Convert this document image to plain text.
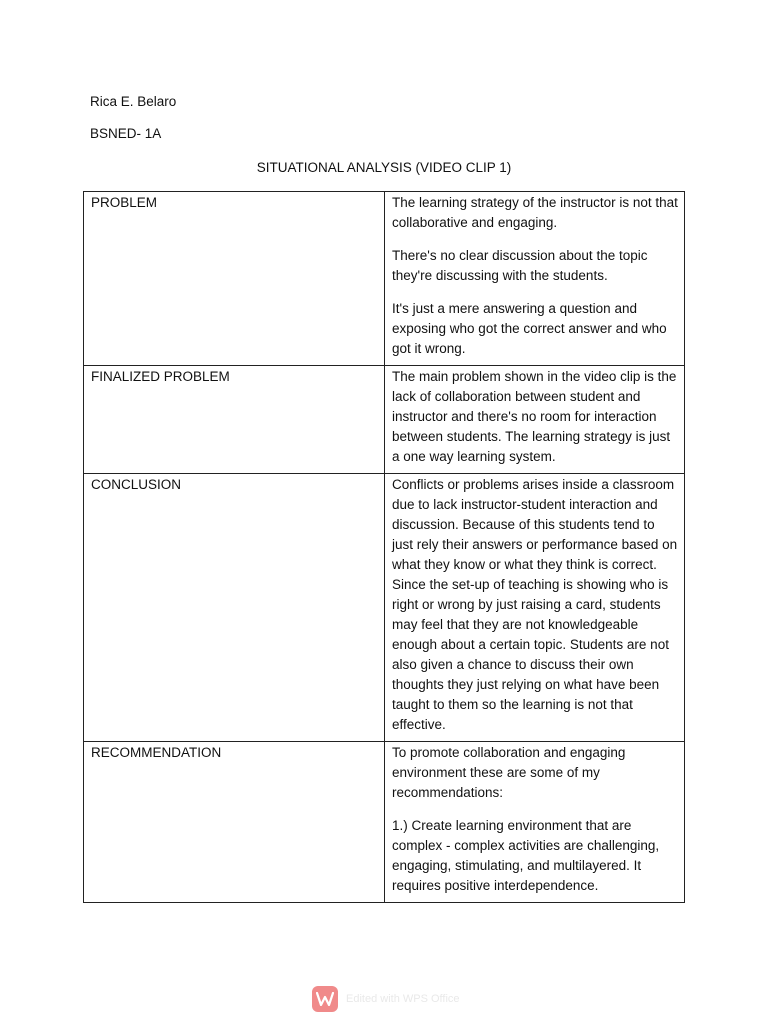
Rica E. Belaro
BSNED- 1A
SITUATIONAL ANALYSIS (VIDEO CLIP 1)
PROBLEM	The learning strategy of the instructor is not that collaborative and engaging.

There's no clear discussion about the topic they're discussing with the students.

It's just a mere answering a question and exposing who got the correct answer and who got it wrong.

FINALIZED PROBLEM	The main problem shown in the video clip is the lack of collaboration between student and instructor and there's no room for interaction between students. The learning strategy is just a one way learning system.

CONCLUSION	Conflicts or problems arises inside a classroom due to lack instructor-student interaction and discussion. Because of this students tend to just rely their answers or performance based on what they know or what they think is correct. Since the set-up of teaching is showing who is right or wrong by just raising a card, students may feel that they are not knowledgeable enough about a certain topic. Students are not also given a chance to discuss their own thoughts they just relying on what have been taught to them so the learning is not that effective.

RECOMMENDATION	To promote collaboration and engaging environment these are some of my recommendations:

1.) Create learning environment that are complex - complex activities are challenging, engaging, stimulating, and multilayered. It requires positive interdependence.

Edited with WPS Office
